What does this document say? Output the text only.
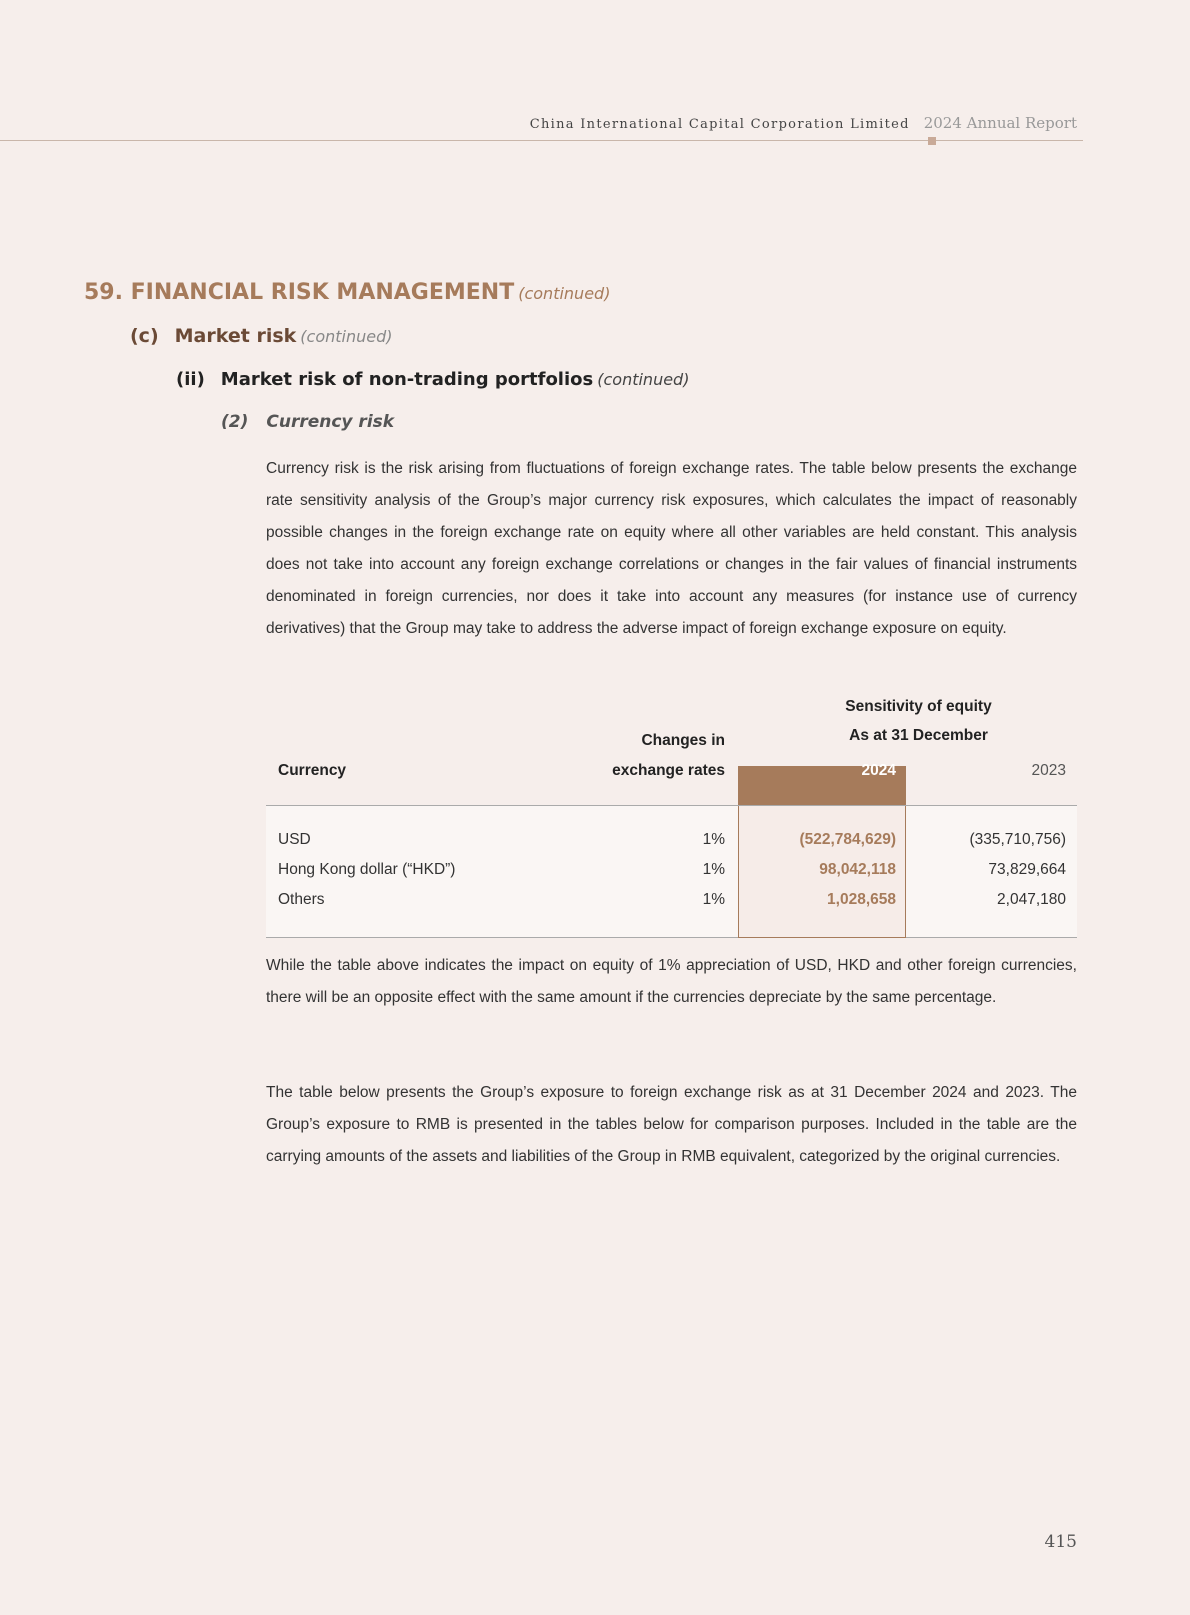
China International Capital Corporation Limited 2024 Annual Report
59. FINANCIAL RISK MANAGEMENT (continued)
(c) Market risk (continued)
(ii) Market risk of non-trading portfolios (continued)
(2) Currency risk
Currency risk is the risk arising from fluctuations of foreign exchange rates. The table below presents the exchange rate sensitivity analysis of the Group’s major currency risk exposures, which calculates the impact of reasonably possible changes in the foreign exchange rate on equity where all other variables are held constant. This analysis does not take into account any foreign exchange correlations or changes in the fair values of financial instruments denominated in foreign currencies, nor does it take into account any measures (for instance use of currency derivatives) that the Group may take to address the adverse impact of foreign exchange exposure on equity.
Sensitivity of equity
As at 31 December
Currency
Changes in
exchange rates	2024	2023
USD	1%	(522,784,629)	(335,710,756)
Hong Kong dollar (“HKD”)	1%	98,042,118	73,829,664
Others	1%	1,028,658	2,047,180
While the table above indicates the impact on equity of 1% appreciation of USD, HKD and other foreign currencies, there will be an opposite effect with the same amount if the currencies depreciate by the same percentage.
The table below presents the Group’s exposure to foreign exchange risk as at 31 December 2024 and 2023. The Group’s exposure to RMB is presented in the tables below for comparison purposes. Included in the table are the carrying amounts of the assets and liabilities of the Group in RMB equivalent, categorized by the original currencies.
415
